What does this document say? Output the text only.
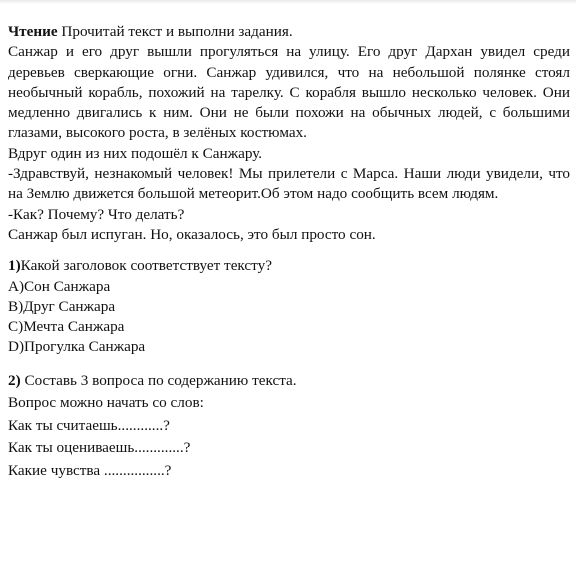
Чтение Прочитай текст и выполни задания.

Санжар и его друг вышли прогуляться на улицу. Его друг Дархан увидел среди деревьев сверкающие огни. Санжар удивился, что на небольшой полянке стоял необычный корабль, похожий на тарелку. С корабля вышло несколько человек. Они медленно двигались к ним. Они не были похожи на обычных людей, с большими глазами, высокого роста, в зелёных костюмах.

Вдруг один из них подошёл к Санжару.

-Здравствуй, незнакомый человек! Мы прилетели с Марса. Наши люди увидели, что на Землю движется большой метеорит.Об этом надо сообщить всем людям.

-Как? Почему? Что делать?

Санжар был испуган. Но, оказалось, это был просто сон.

1)Какой заголовок соответствует тексту?
A)Сон Санжара
B)Друг Санжара
C)Мечта Санжара
D)Прогулка Санжара
2) Составь 3 вопроса по содержанию текста.
Вопрос можно начать со слов:
Как ты считаешь............?
Как ты оцениваешь.............?
Какие чувства ................?
